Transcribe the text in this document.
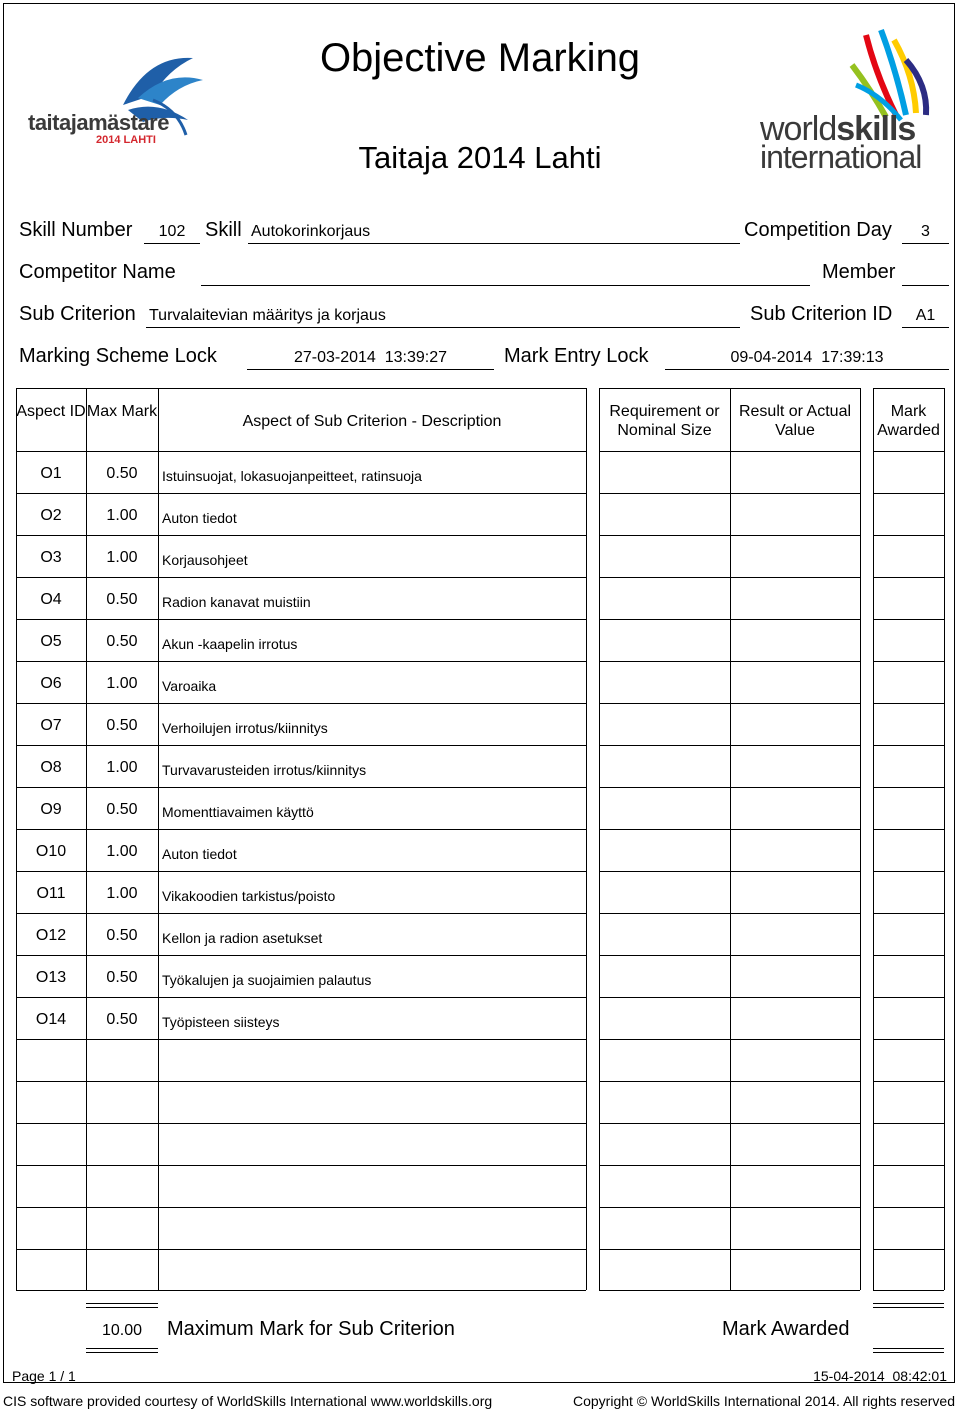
taitajamästare
2014 LAHTI	worldskills
international
Objective Marking
Taitaja 2014 Lahti
Skill Number	102 Skill Autokorinkorjaus	Competition Day	3
Competitor Name	Member
Sub Criterion Turvalaitevian määritys ja korjaus	Sub Criterion ID	A1
Marking Scheme Lock	27-03-2014  13:39:27	Mark Entry Lock	09-04-2014  17:39:13
Aspect ID Max Mark
Aspect of Sub Criterion - Description
Requirement or Nominal Size
Result or Actual Value
Mark Awarded
O1	0.50	Istuinsuojat, lokasuojanpeitteet, ratinsuoja
O2	1.00	Auton tiedot
O3	1.00	Korjausohjeet
O4	0.50	Radion kanavat muistiin
O5	0.50	Akun -kaapelin irrotus
O6	1.00	Varoaika
O7	0.50	Verhoilujen irrotus/kiinnitys
O8	1.00	Turvavarusteiden irrotus/kiinnitys
O9	0.50	Momenttiavaimen käyttö
O10	1.00	Auton tiedot
O11	1.00	Vikakoodien tarkistus/poisto
O12	0.50	Kellon ja radion asetukset
O13	0.50	Työkalujen ja suojaimien palautus
O14	0.50	Työpisteen siisteys
10.00	Maximum Mark for Sub Criterion	Mark Awarded
Page 1 / 1	15-04-2014  08:42:01
CIS software provided courtesy of WorldSkills International www.worldskills.org	Copyright © WorldSkills International 2014. All rights reserved
